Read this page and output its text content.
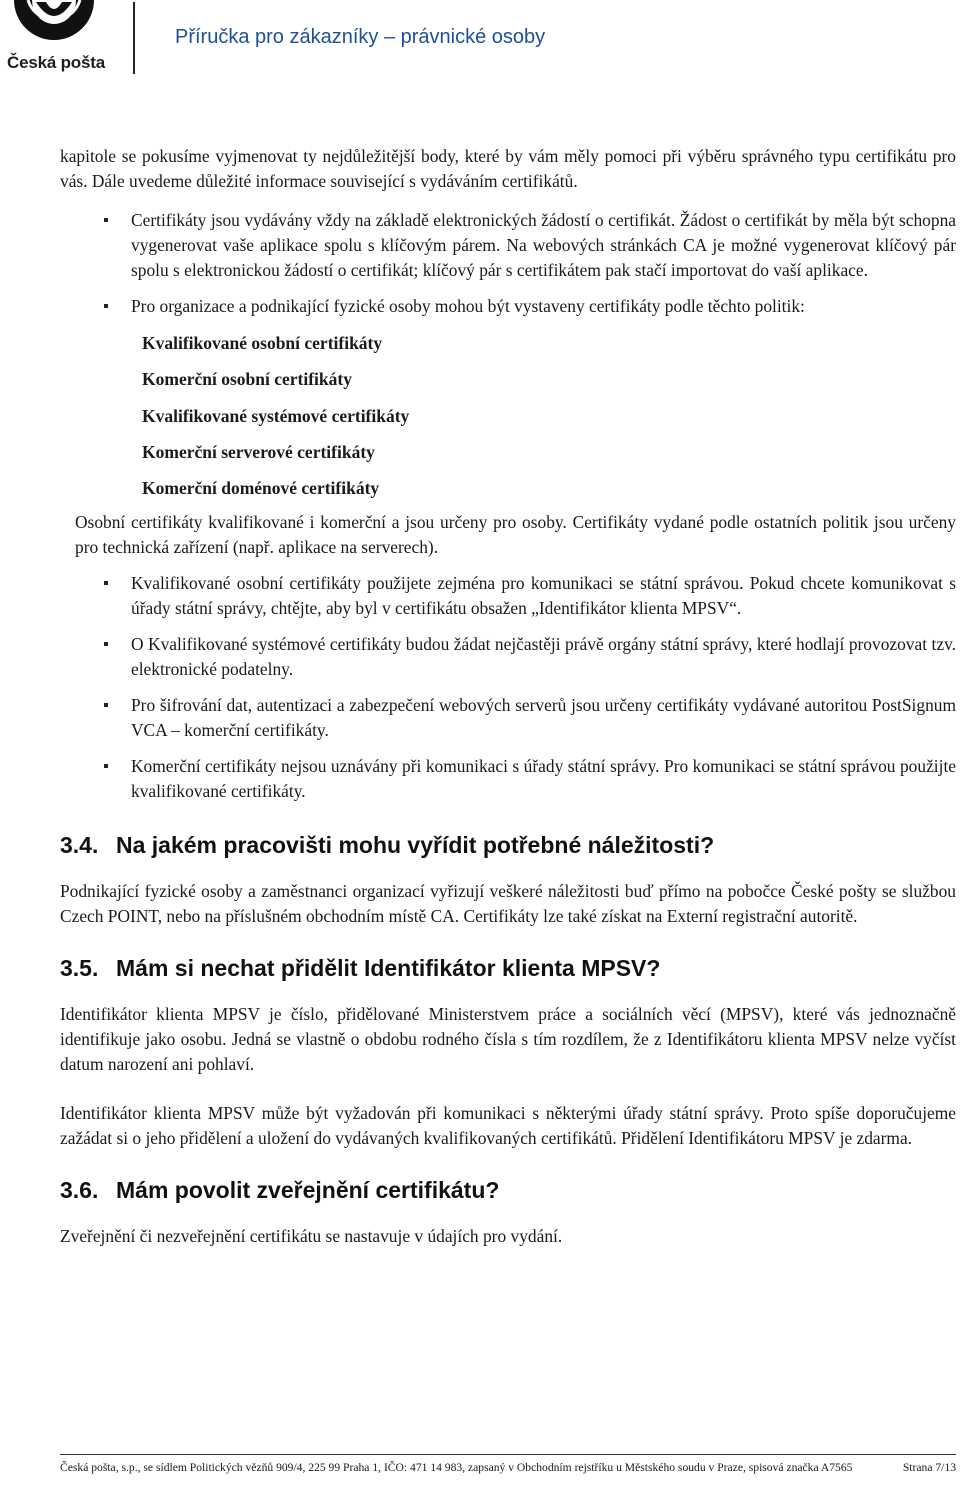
Česká pošta
Příručka pro zákazníky – právnické osoby

kapitole se pokusíme vyjmenovat ty nejdůležitější body, které by vám měly pomoci při výběru správného typu certifikátu pro vás. Dále uvedeme důležité informace související s vydáváním certifikátů.

Certifikáty jsou vydávány vždy na základě elektronických žádostí o certifikát. Žádost o certifikát by měla být schopna vygenerovat vaše aplikace spolu s klíčovým párem. Na webových stránkách CA je možné vygenerovat klíčový pár spolu s elektronickou žádostí o certifikát; klíčový pár s certifikátem pak stačí importovat do vaší aplikace.

Pro organizace a podnikající fyzické osoby mohou být vystaveny certifikáty podle těchto politik:

Kvalifikované osobní certifikáty
Komerční osobní certifikáty
Kvalifikované systémové certifikáty
Komerční serverové certifikáty
Komerční doménové certifikáty

Osobní certifikáty kvalifikované i komerční a jsou určeny pro osoby. Certifikáty vydané podle ostatních politik jsou určeny pro technická zařízení (např. aplikace na serverech).

Kvalifikované osobní certifikáty použijete zejména pro komunikaci se státní správou. Pokud chcete komunikovat s úřady státní správy, chtějte, aby byl v certifikátu obsažen „Identifikátor klienta MPSV“.

O Kvalifikované systémové certifikáty budou žádat nejčastěji právě orgány státní správy, které hodlají provozovat tzv. elektronické podatelny.

Pro šifrování dat, autentizaci a zabezpečení webových serverů jsou určeny certifikáty vydávané autoritou PostSignum VCA – komerční certifikáty.

Komerční certifikáty nejsou uznávány při komunikaci s úřady státní správy. Pro komunikaci se státní správou použijte kvalifikované certifikáty.

3.4. Na jakém pracovišti mohu vyřídit potřebné náležitosti?

Podnikající fyzické osoby a zaměstnanci organizací vyřizují veškeré náležitosti buď přímo na pobočce České pošty se službou Czech POINT, nebo na příslušném obchodním místě CA. Certifikáty lze také získat na Externí registrační autoritě.

3.5. Mám si nechat přidělit Identifikátor klienta MPSV?

Identifikátor klienta MPSV je číslo, přidělované Ministerstvem práce a sociálních věcí (MPSV), které vás jednoznačně identifikuje jako osobu. Jedná se vlastně o obdobu rodného čísla s tím rozdílem, že z Identifikátoru klienta MPSV nelze vyčíst datum narození ani pohlaví.

Identifikátor klienta MPSV může být vyžadován při komunikaci s některými úřady státní správy. Proto spíše doporučujeme zažádat si o jeho přidělení a uložení do vydávaných kvalifikovaných certifikátů. Přidělení Identifikátoru MPSV je zdarma.

3.6. Mám povolit zveřejnění certifikátu?

Zveřejnění či nezveřejnění certifikátu se nastavuje v údajích pro vydání.

Česká pošta, s.p., se sídlem Politických vězňů 909/4, 225 99 Praha 1, IČO: 471 14 983, zapsaný v Obchodním rejstříku u Městského soudu v Praze, spisová značka A7565	Strana 7/13
